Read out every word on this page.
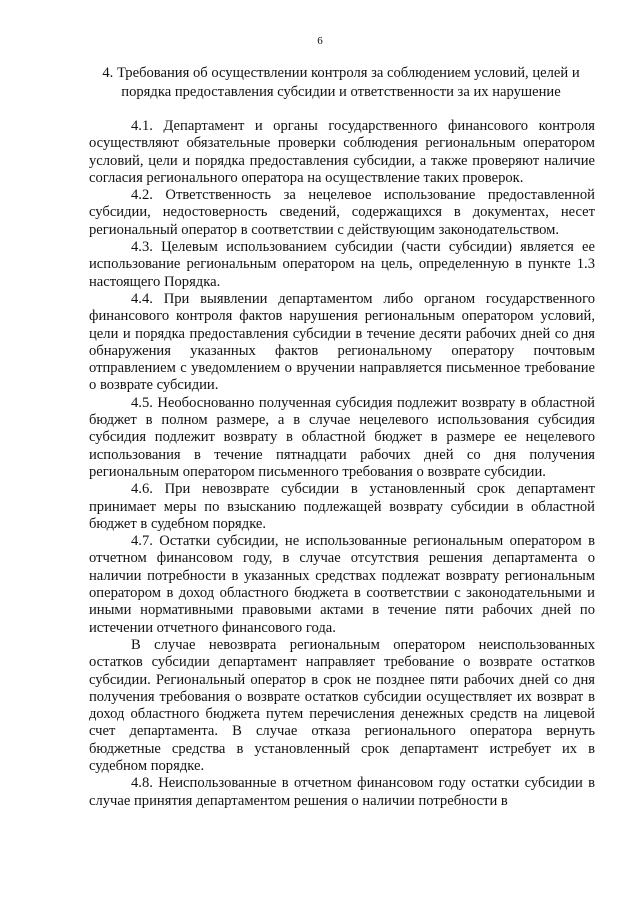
6
4. Требования об осуществлении контроля за соблюдением условий, целей и порядка предоставления субсидии и ответственности за их нарушение

4.1. Департамент и органы государственного финансового контроля осуществляют обязательные проверки соблюдения региональным оператором условий, цели и порядка предоставления субсидии, а также проверяют наличие согласия регионального оператора на осуществление таких проверок.

4.2. Ответственность за нецелевое использование предоставленной субсидии, недостоверность сведений, содержащихся в документах, несет региональный оператор в соответствии с действующим законодательством.

4.3. Целевым использованием субсидии (части субсидии) является ее использование региональным оператором на цель, определенную в пункте 1.3 настоящего Порядка.

4.4. При выявлении департаментом либо органом государственного финансового контроля фактов нарушения региональным оператором условий, цели и порядка предоставления субсидии в течение десяти рабочих дней со дня обнаружения указанных фактов региональному оператору почтовым отправлением с уведомлением о вручении направляется письменное требование о возврате субсидии.

4.5. Необоснованно полученная субсидия подлежит возврату в областной бюджет в полном размере, а в случае нецелевого использования субсидия субсидия подлежит возврату в областной бюджет в размере ее нецелевого использования в течение пятнадцати рабочих дней со дня получения региональным оператором письменного требования о возврате субсидии.

4.6. При невозврате субсидии в установленный срок департамент принимает меры по взысканию подлежащей возврату субсидии в областной бюджет в судебном порядке.

4.7. Остатки субсидии, не использованные региональным оператором в отчетном финансовом году, в случае отсутствия решения департамента о наличии потребности в указанных средствах подлежат возврату региональным оператором в доход областного бюджета в соответствии с законодательными и иными нормативными правовыми актами в течение пяти рабочих дней по истечении отчетного финансового года.

В случае невозврата региональным оператором неиспользованных остатков субсидии департамент направляет требование о возврате остатков субсидии. Региональный оператор в срок не позднее пяти рабочих дней со дня получения требования о возврате остатков субсидии осуществляет их возврат в доход областного бюджета путем перечисления денежных средств на лицевой счет департамента. В случае отказа регионального оператора вернуть бюджетные средства в установленный срок департамент истребует их в судебном порядке.

4.8. Неиспользованные в отчетном финансовом году остатки субсидии в случае принятия департаментом решения о наличии потребности в
